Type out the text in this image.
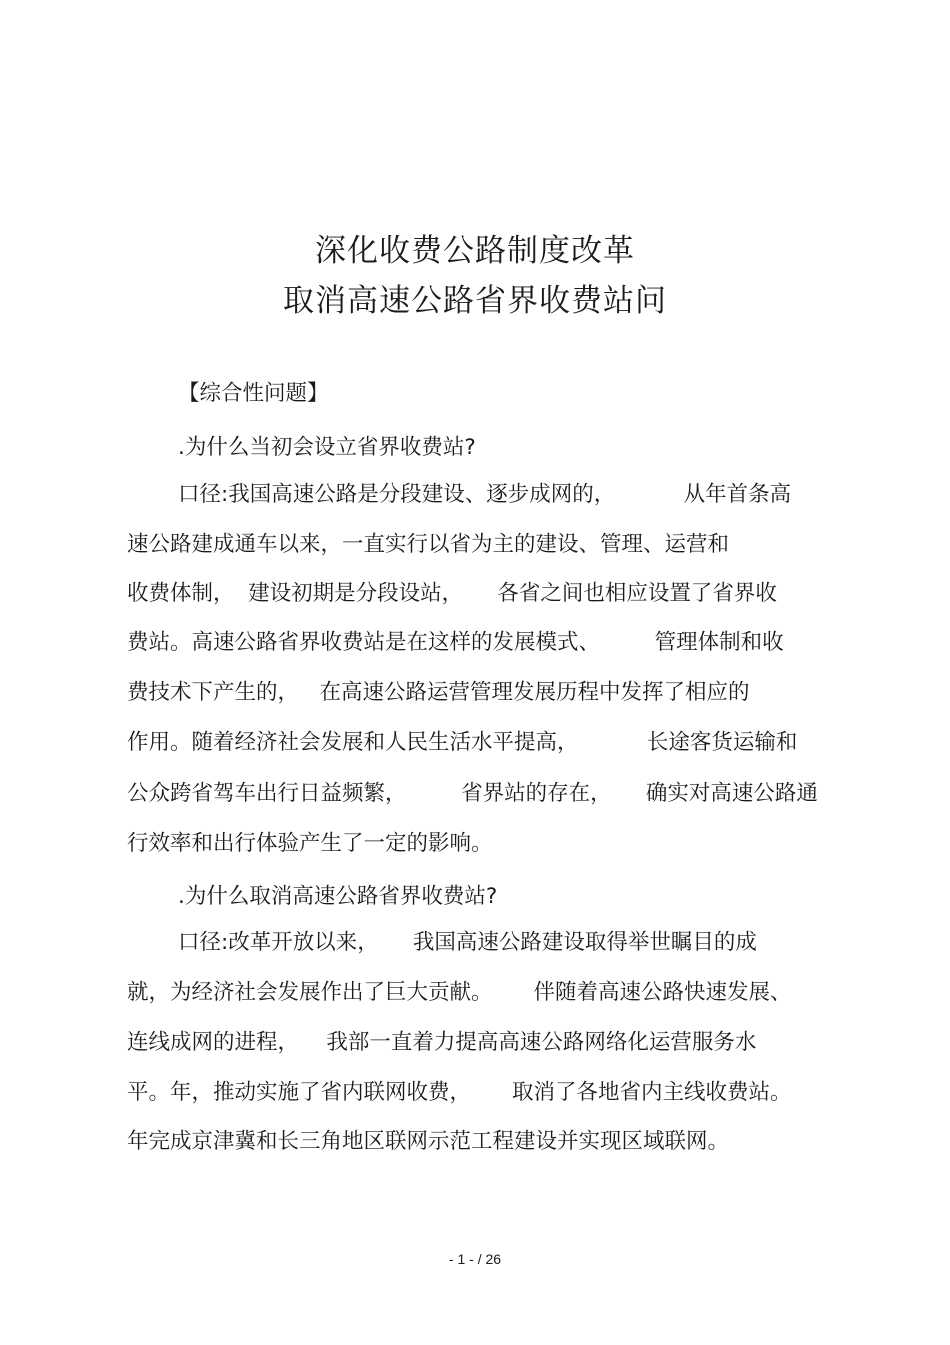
深化收费公路制度改革
取消高速公路省界收费站问
【综合性问题】
.为什么当初会设立省界收费站?
口径:我国高速公路是分段建设、逐步成网的，          从年首条高
速公路建成通车以来，一直实行以省为主的建设、管理、运营和
收费体制，  建设初期是分段设站，     各省之间也相应设置了省界收
费站。高速公路省界收费站是在这样的发展模式、        管理体制和收
费技术下产生的，   在高速公路运营管理发展历程中发挥了相应的
作用。随着经济社会发展和人民生活水平提高，          长途客货运输和
公众跨省驾车出行日益频繁，        省界站的存在，     确实对高速公路通
行效率和出行体验产生了一定的影响。
.为什么取消高速公路省界收费站?
口径:改革开放以来，     我国高速公路建设取得举世瞩目的成
就，为经济社会发展作出了巨大贡献。      伴随着高速公路快速发展、
连线成网的进程，    我部一直着力提高高速公路网络化运营服务水
平。年，推动实施了省内联网收费，      取消了各地省内主线收费站。
年完成京津冀和长三角地区联网示范工程建设并实现区域联网。
- 1 - / 26
